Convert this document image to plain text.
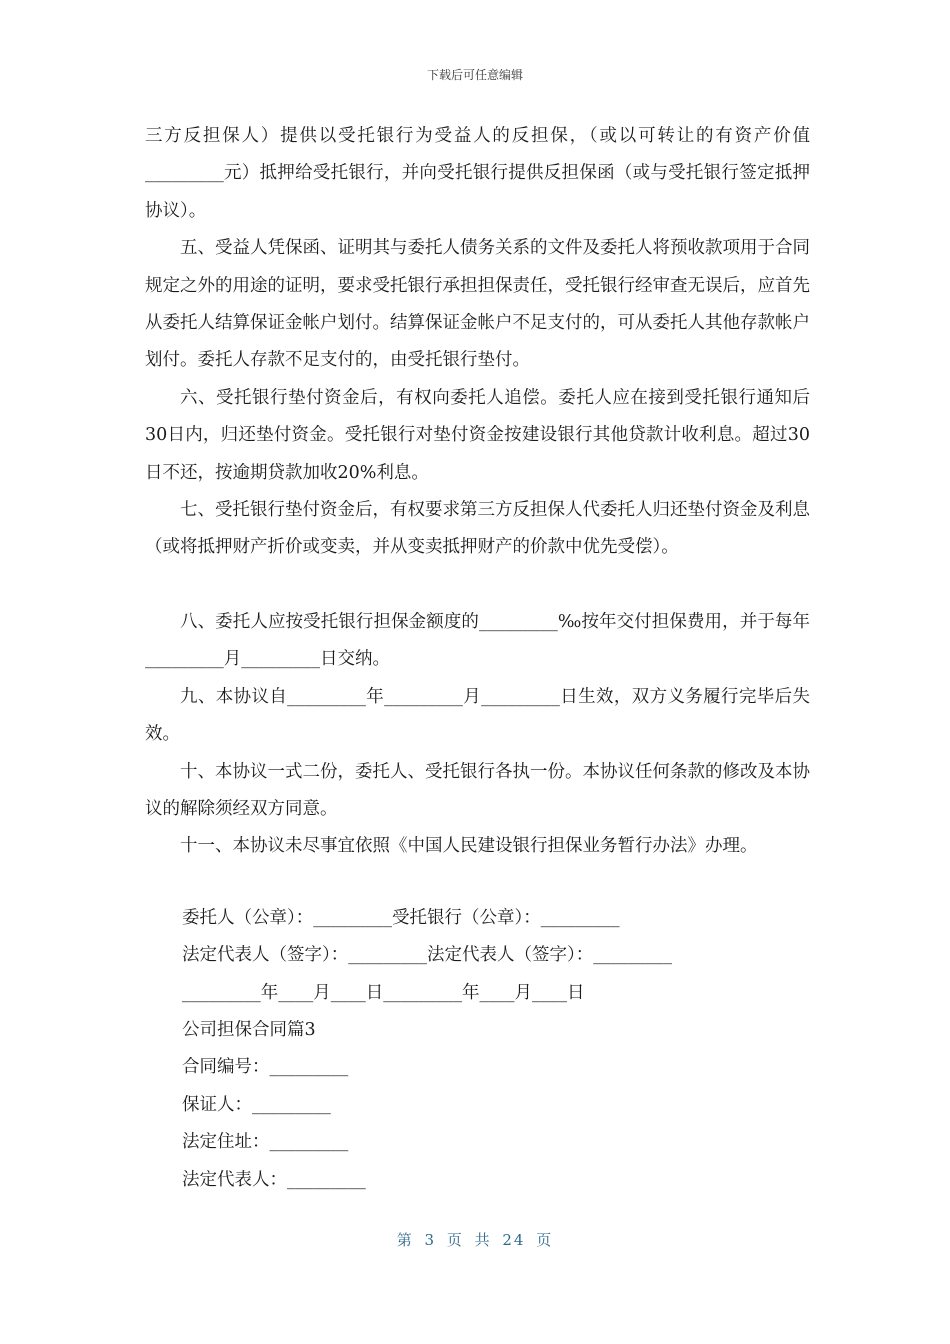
下载后可任意编辑

三方反担保人）提供以受托银行为受益人的反担保，（或以可转让的有资产价值_________元）抵押给受托银行，并向受托银行提供反担保函（或与受托银行签定抵押协议）。

五、受益人凭保函、证明其与委托人债务关系的文件及委托人将预收款项用于合同规定之外的用途的证明，要求受托银行承担担保责任，受托银行经审查无误后，应首先从委托人结算保证金帐户划付。结算保证金帐户不足支付的，可从委托人其他存款帐户划付。委托人存款不足支付的，由受托银行垫付。

六、受托银行垫付资金后，有权向委托人追偿。委托人应在接到受托银行通知后30日内，归还垫付资金。受托银行对垫付资金按建设银行其他贷款计收利息。超过30日不还，按逾期贷款加收20%利息。

七、受托银行垫付资金后，有权要求第三方反担保人代委托人归还垫付资金及利息（或将抵押财产折价或变卖，并从变卖抵押财产的价款中优先受偿）。

八、委托人应按受托银行担保金额度的_________‰按年交付担保费用，并于每年_________月_________日交纳。

九、本协议自_________年_________月_________日生效，双方义务履行完毕后失效。

十、本协议一式二份，委托人、受托银行各执一份。本协议任何条款的修改及本协议的解除须经双方同意。

十一、本协议未尽事宜依照《中国人民建设银行担保业务暂行办法》办理。

委托人（公章）：_________受托银行（公章）：_________

法定代表人（签字）：_________法定代表人（签字）：_________

_________年____月____日_________年____月____日

公司担保合同篇3

合同编号：_________

保证人：_________

法定住址：_________

法定代表人：_________

第 3 页 共 24 页
